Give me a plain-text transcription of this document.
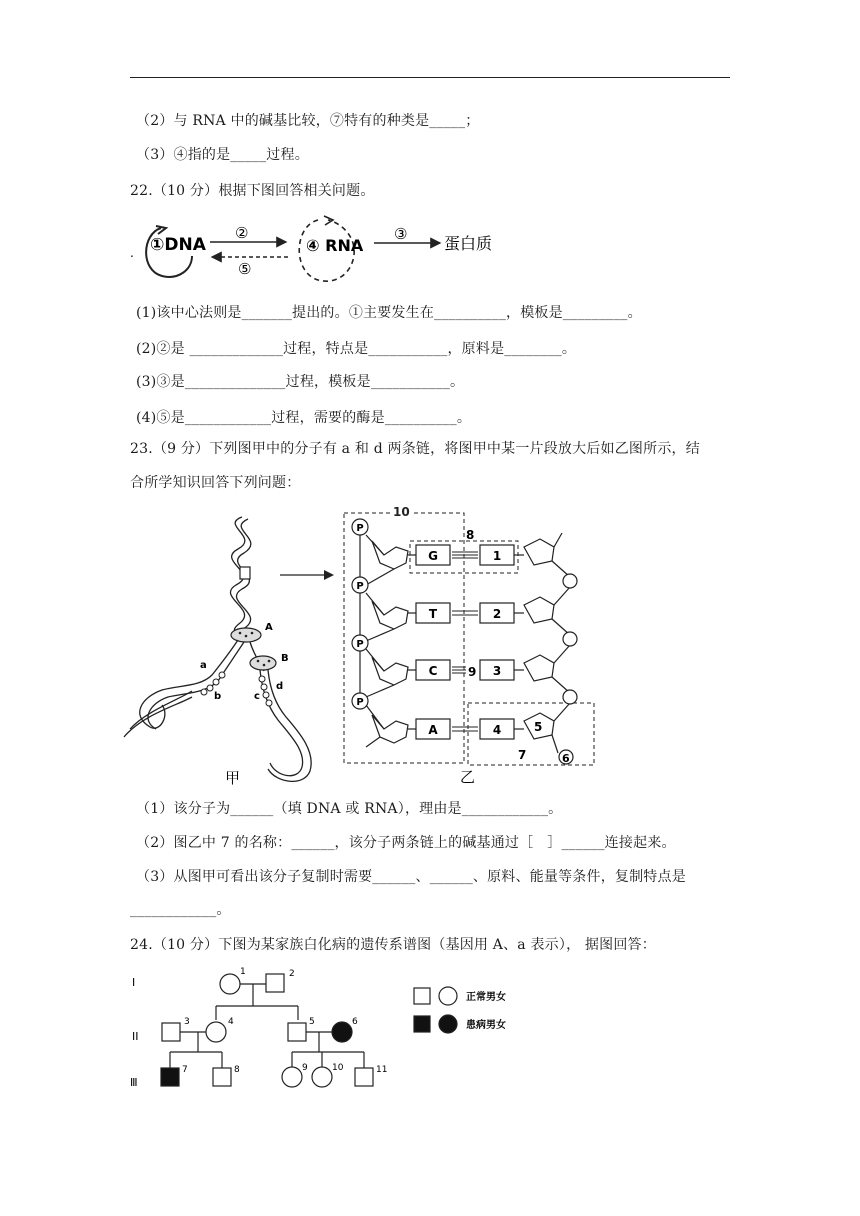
（2）与 RNA 中的碱基比较，⑦特有的种类是_____；
（3）④指的是_____过程。
22.（10 分）根据下图回答相关问题。
. ①DNA
②
⑤
④ RNA
③ 蛋白质
(1)该中心法则是_______提出的。①主要发生在__________，模板是_________。
(2)②是 _____________过程，特点是___________，原料是________。
(3)③是______________过程，模板是___________。
(4)⑤是____________过程，需要的酶是__________。
23.（9 分）下列图甲中的分子有 a 和 d 两条链，将图甲中某一片段放大后如乙图所示，结
合所学知识回答下列问题：
A
a
b
B
c
d
甲
10
8
7
P
P
P
P
G
T
C
A
1
2
3
4
9
5
6
乙
（1）该分子为______（填 DNA 或 RNA），理由是____________。
（2）图乙中 7 的名称：______，该分子两条链上的碱基通过［   ］______连接起来。
（3）从图甲可看出该分子复制时需要______、______、原料、能量等条件，复制特点是
____________。
24.（10 分）下图为某家族白化病的遗传系谱图（基因用 A、a 表示）， 据图回答：
I
II
Ⅲ
1	2
3	4	5	6
7	8	9	10	11
正常男女
患病男女
